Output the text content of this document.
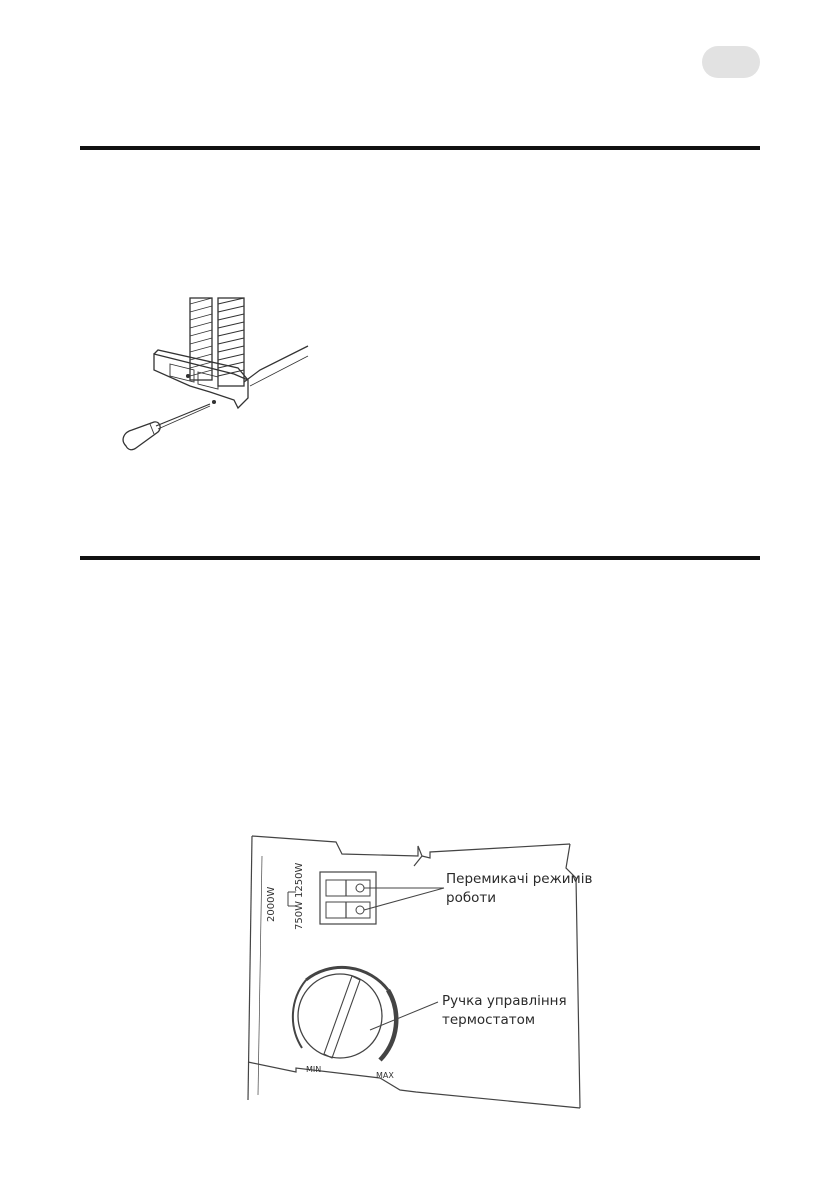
2000W
1250W
750W
MIN
MAX
Перемикачі режимів
роботи
Ручка управління
термостатом
